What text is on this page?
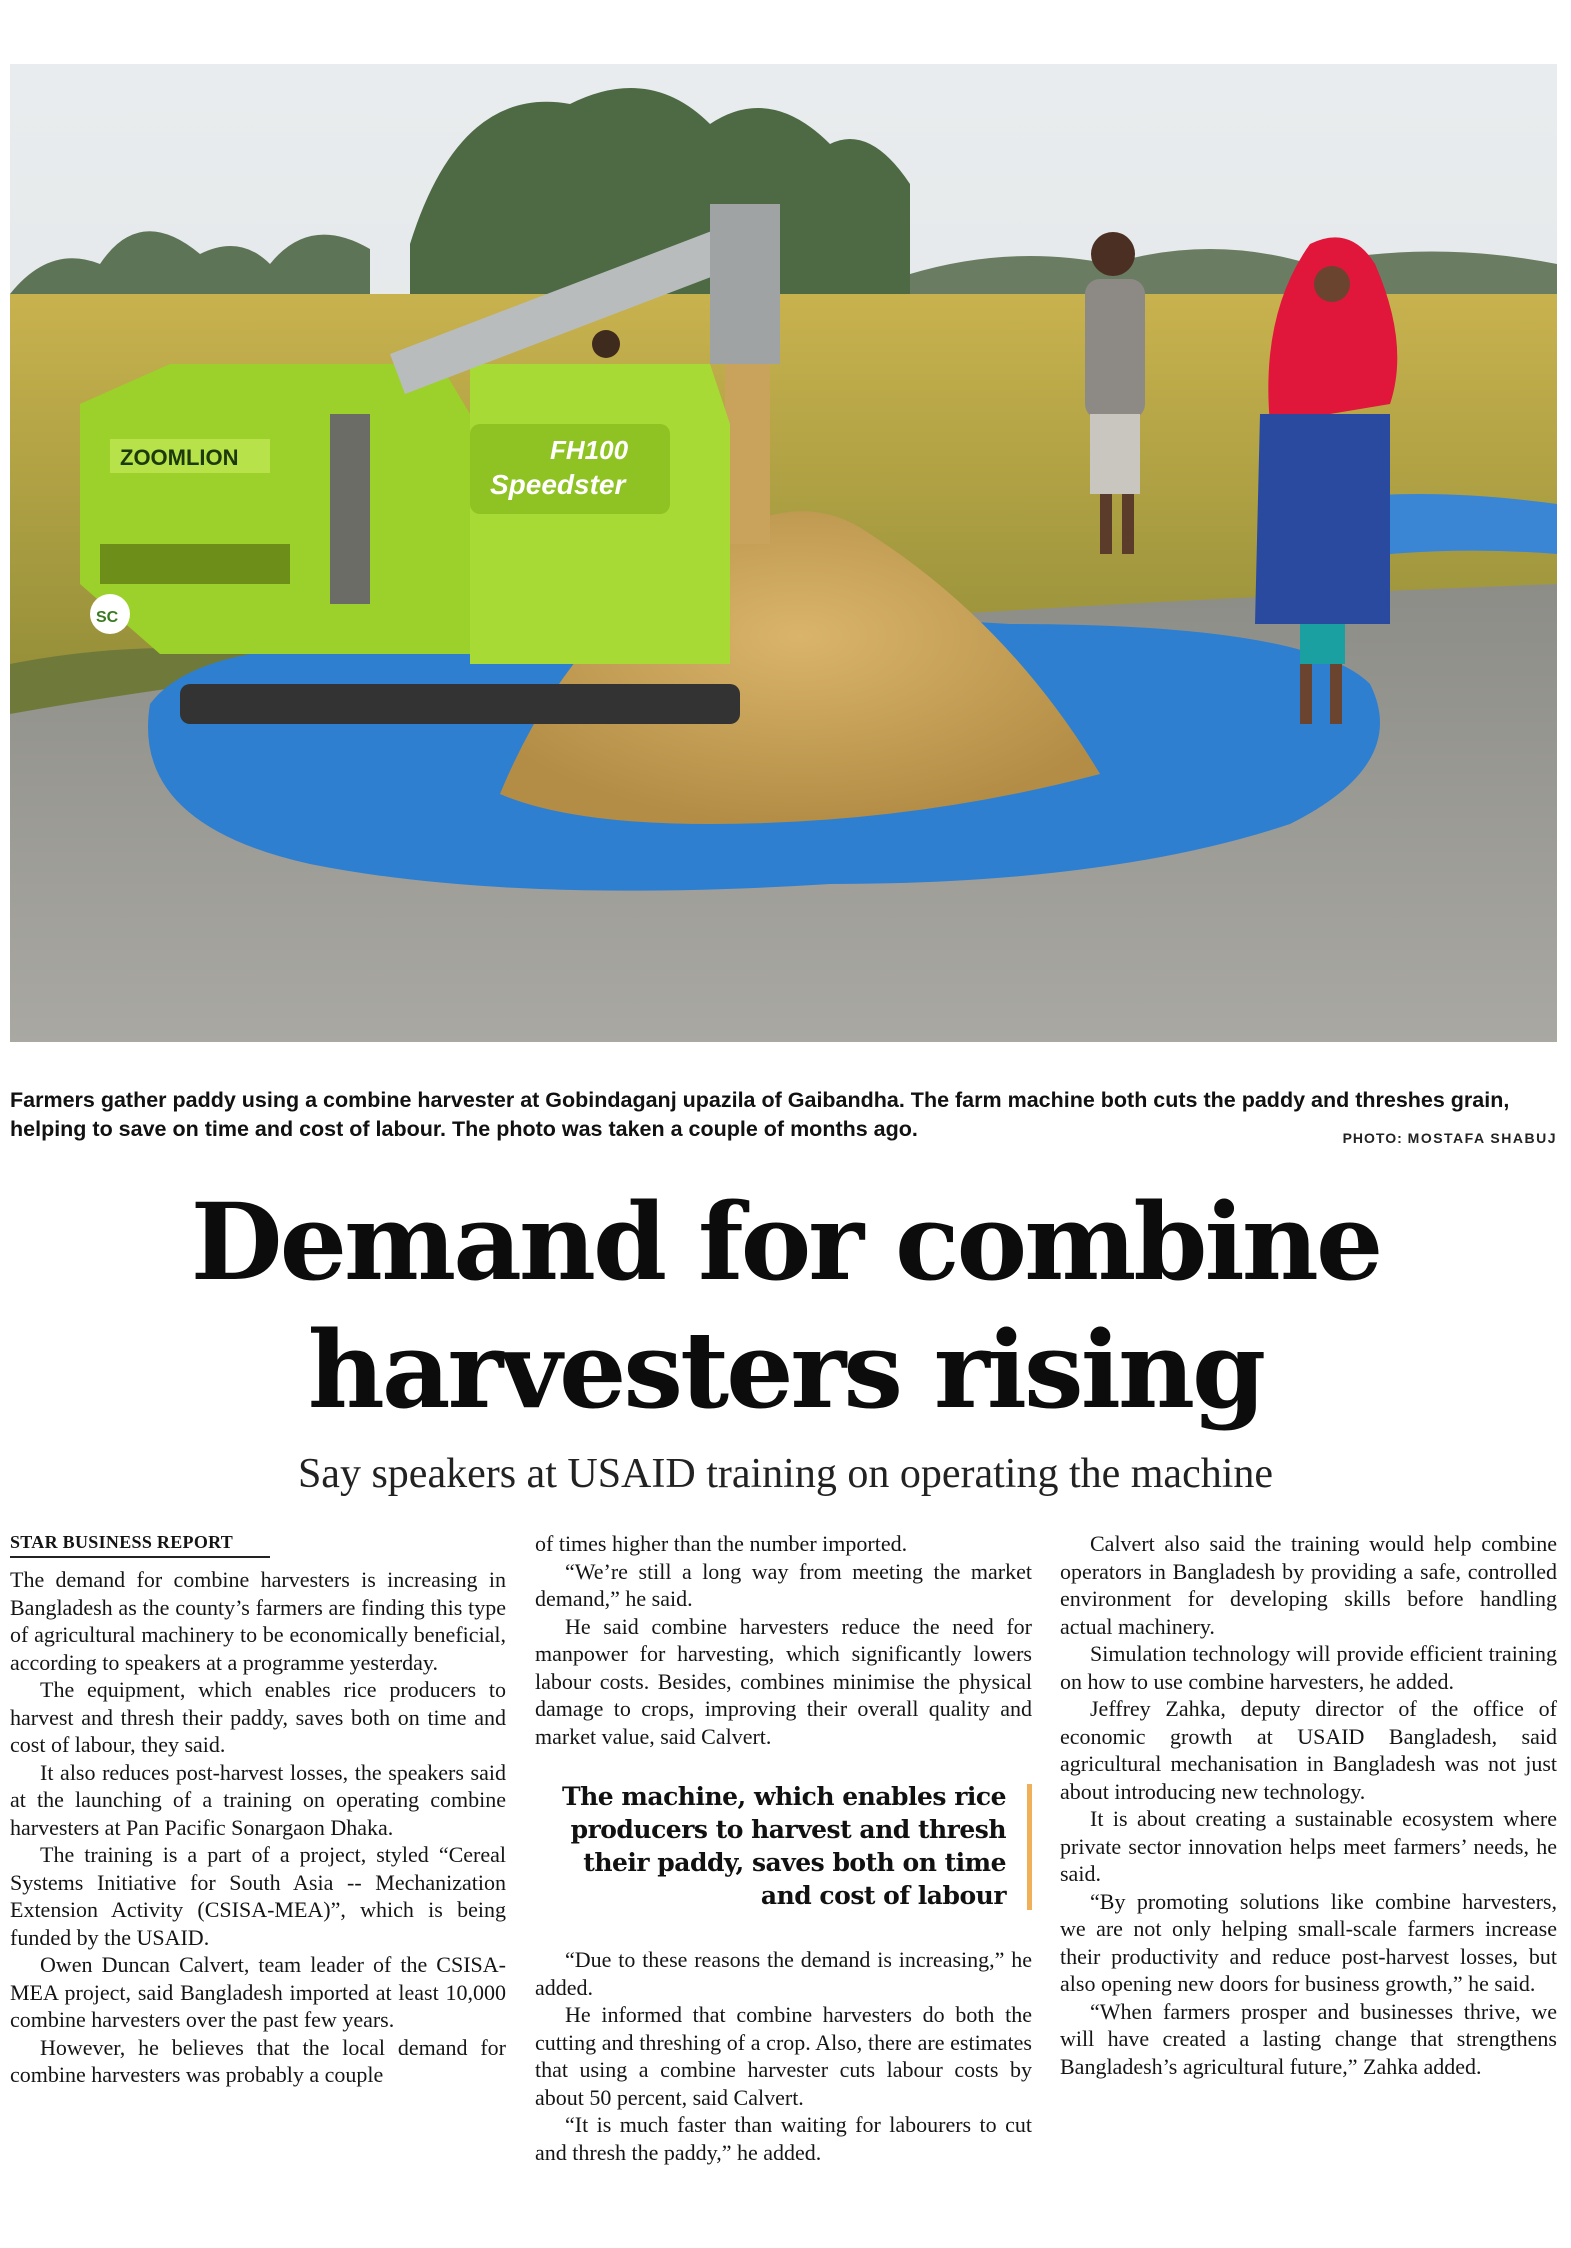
ZOOMLION	FH100
Speedster
SC
Farmers gather paddy using a combine harvester at Gobindaganj upazila of Gaibandha. The farm machine both cuts the paddy and threshes grain, helping to save on time and cost of labour. The photo was taken a couple of months ago.	PHOTO: MOSTAFA SHABUJ
Demand for combine
harvesters rising
Say speakers at USAID training on operating the machine
STAR BUSINESS REPORT

The demand for combine harvesters is increasing in Bangladesh as the county’s farmers are finding this type of agricultural machinery to be economically beneficial, according to speakers at a programme yesterday.

The equipment, which enables rice producers to harvest and thresh their paddy, saves both on time and cost of labour, they said.

It also reduces post-harvest losses, the speakers said at the launching of a training on operating combine harvesters at Pan Pacific Sonargaon Dhaka.

The training is a part of a project, styled “Cereal Systems Initiative for South Asia -- Mechanization Extension Activity (CSISA-MEA)”, which is being funded by the USAID.

Owen Duncan Calvert, team leader of the CSISA-MEA project, said Bangladesh imported at least 10,000 combine harvesters over the past few years.

However, he believes that the local demand for combine harvesters was probably a couple

of times higher than the number imported.

“We’re still a long way from meeting the market demand,” he said.

He said combine harvesters reduce the need for manpower for harvesting, which significantly lowers labour costs. Besides, combines minimise the physical damage to crops, improving their overall quality and market value, said Calvert.

The machine, which enables rice producers to harvest and thresh their paddy, saves both on time and cost of labour

“Due to these reasons the demand is increasing,” he added.

He informed that combine harvesters do both the cutting and threshing of a crop. Also, there are estimates that using a combine harvester cuts labour costs by about 50 percent, said Calvert.

“It is much faster than waiting for labourers to cut and thresh the paddy,” he added.

Calvert also said the training would help combine operators in Bangladesh by providing a safe, controlled environment for developing skills before handling actual machinery.

Simulation technology will provide efficient training on how to use combine harvesters, he added.

Jeffrey Zahka, deputy director of the office of economic growth at USAID Bangladesh, said agricultural mechanisation in Bangladesh was not just about introducing new technology.

It is about creating a sustainable ecosystem where private sector innovation helps meet farmers’ needs, he said.

“By promoting solutions like combine harvesters, we are not only helping small-scale farmers increase their productivity and reduce post-harvest losses, but also opening new doors for business growth,” he said.

“When farmers prosper and businesses thrive, we will have created a lasting change that strengthens Bangladesh’s agricultural future,” Zahka added.
